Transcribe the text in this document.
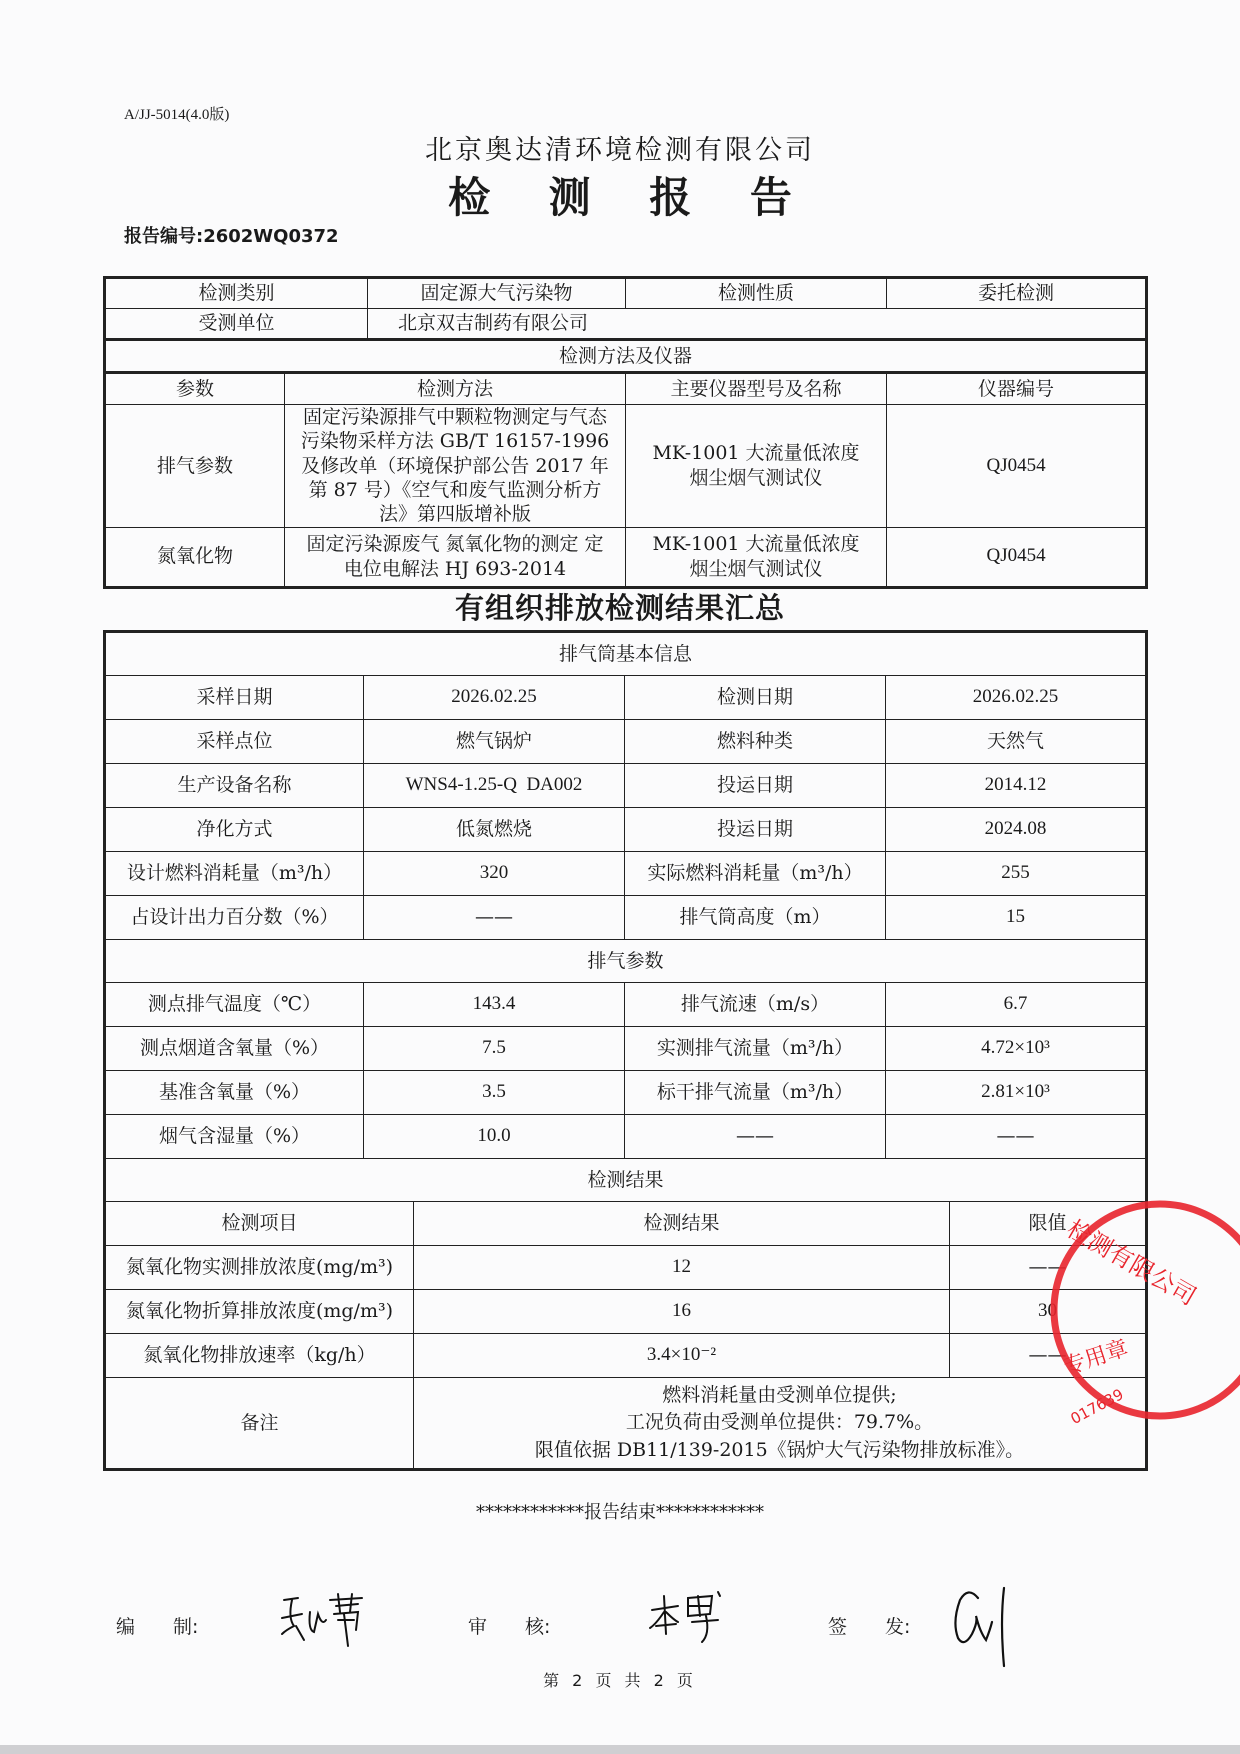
A/JJ-5014(4.0版)
北京奥达清环境检测有限公司
检 测 报 告
报告编号:2602WQ0372
检测类别		固定源大气污染物	检测性质	委托检测
受测单位		北京双吉制药有限公司		
检测方法及仪器				
参数	检测方法		主要仪器型号及名称	仪器编号
排气参数	固定污染源排气中颗粒物测定与气态污染物采样方法 GB/T 16157-1996 及修改单（环境保护部公告 2017 年第 87 号）《空气和废气监测分析方法》第四版增补版		MK-1001 大流量低浓度烟尘烟气测试仪	QJ0454
氮氧化物	固定污染源废气 氮氧化物的测定 定电位电解法 HJ 693-2014		MK-1001 大流量低浓度烟尘烟气测试仪	QJ0454
有组织排放检测结果汇总
排气筒基本信息					
采样日期	2026.02.25		检测日期	2026.02.25	
采样点位	燃气锅炉		燃料种类	天然气	
生产设备名称	WNS4-1.25-Q  DA002		投运日期	2014.12	
净化方式	低氮燃烧		投运日期	2024.08	
设计燃料消耗量（m³/h）	320		实际燃料消耗量（m³/h）	255	
占设计出力百分数（%）	——		排气筒高度（m）	15	
排气参数					
测点排气温度（℃）	143.4		排气流速（m/s）	6.7	
测点烟道含氧量（%）	7.5		实测排气流量（m³/h）	4.72×10³	
基准含氧量（%）	3.5		标干排气流量（m³/h）	2.81×10³	
烟气含湿量（%）	10.0		——	——	
检测结果					
检测项目		检测结果			限值
氮氧化物实测排放浓度(mg/m³)		12			——
氮氧化物折算排放浓度(mg/m³)		16			30
氮氧化物排放速率（kg/h）		3.4×10⁻²			——
备注		燃料消耗量由受测单位提供;
工况负荷由受测单位提供：79.7%。
限值依据 DB11/139-2015《锅炉大气污染物排放标准》。			
************报告结束************
编　　制:	审　　核:	签　　发:
第 2 页 共 2 页
检测有限公司
专用章
017639
